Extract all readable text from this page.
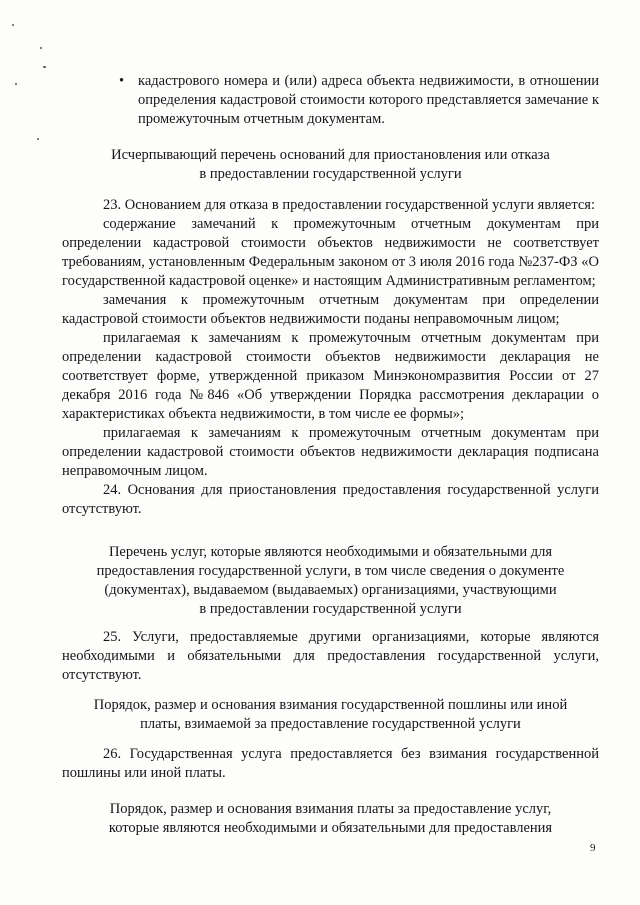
• кадастрового номера и (или) адреса объекта недвижимости, в отношении определения кадастровой стоимости которого представляется замечание к промежуточным отчетным документам.

Исчерпывающий перечень оснований для приостановления или отказа
в предоставлении государственной услуги

23. Основанием для отказа в предоставлении государственной услуги является:

содержание замечаний к промежуточным отчетным документам при определении кадастровой стоимости объектов недвижимости не соответствует требованиям, установленным Федеральным законом от 3 июля 2016 года №237-ФЗ «О государственной кадастровой оценке» и настоящим Административным регламентом;

замечания к промежуточным отчетным документам при определении кадастровой стоимости объектов недвижимости поданы неправомочным лицом;

прилагаемая к замечаниям к промежуточным отчетным документам при определении кадастровой стоимости объектов недвижимости декларация не соответствует форме, утвержденной приказом Минэкономразвития России от 27 декабря 2016 года №846 «Об утверждении Порядка рассмотрения декларации о характеристиках объекта недвижимости, в том числе ее формы»;

прилагаемая к замечаниям к промежуточным отчетным документам при определении кадастровой стоимости объектов недвижимости декларация подписана неправомочным лицом.

24. Основания для приостановления предоставления государственной услуги отсутствуют.

Перечень услуг, которые являются необходимыми и обязательными для
предоставления государственной услуги, в том числе сведения о документе
(документах), выдаваемом (выдаваемых) организациями, участвующими
в предоставлении государственной услуги

25. Услуги, предоставляемые другими организациями, которые являются необходимыми и обязательными для предоставления государственной услуги, отсутствуют.

Порядок, размер и основания взимания государственной пошлины или иной
платы, взимаемой за предоставление государственной услуги

26. Государственная услуга предоставляется без взимания государственной пошлины или иной платы.

Порядок, размер и основания взимания платы за предоставление услуг,
которые являются необходимыми и обязательными для предоставления
9
